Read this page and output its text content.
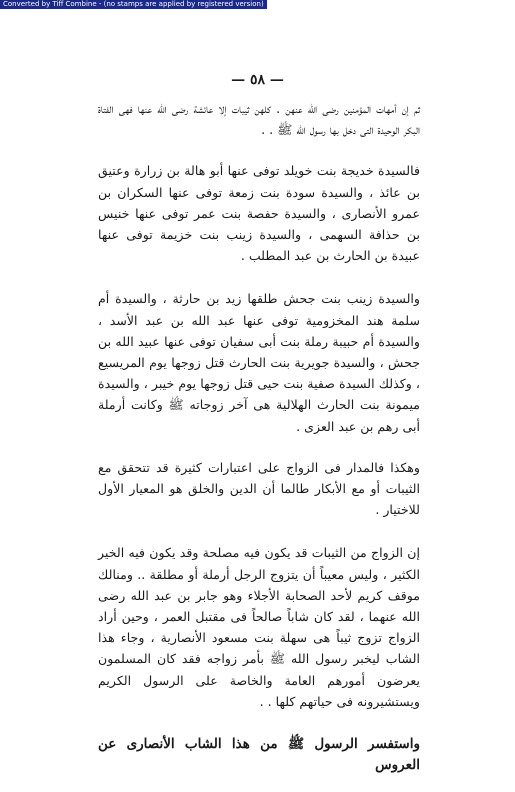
Converted by Tiff Combine - (no stamps are applied by registered version)
— ٥٨ —

ثم إن أمهات المؤمنين رضى الله عنهن . كلهن ثيبات إلا عائشة رضى الله عنها فهى الفتاة البكر الوحيدة التى دخل بها رسول الله ﷺ . .

فالسيدة خديجة بنت خويلد توفى عنها أبو هالة بن زرارة وعتيق بن عائذ ، والسيدة سودة بنت زمعة توفى عنها السكران بن عمرو الأنصارى ، والسيدة حفصة بنت عمر توفى عنها خنيس بن حذافة السهمى ، والسيدة زينب بنت خزيمة توفى عنها عبيدة بن الحارث بن عبد المطلب .

والسيدة زينب بنت جحش طلقها زيد بن حارثة ، والسيدة أم سلمة هند المخزومية توفى عنها عبد الله بن عبد الأسد ، والسيدة أم حبيبة رملة بنت أبى سفيان توفى عنها عبيد الله بن جحش ، والسيدة جويرية بنت الحارث قتل زوجها يوم المريسيع ، وكذلك السيدة صفية بنت حيى قتل زوجها يوم خيبر ، والسيدة ميمونة بنت الحارث الهلالية هى آخر زوجاته ﷺ وكانت أرملة أبى رهم بن عبد العزى .

وهكذا فالمدار فى الزواج على اعتبارات كثيرة قد تتحقق مع الثيبات أو مع الأبكار طالما أن الدين والخلق هو المعيار الأول للاختيار .

إن الزواج من الثيبات قد يكون فيه مصلحة وقد يكون فيه الخير الكثير ، وليس معيباً أن يتزوج الرجل أرملة أو مطلقة .. ومنالك موقف كريم لأحد الصحابة الأجلاء وهو جابر بن عبد الله رضى الله عنهما ، لقد كان شاباً صالحاً فى مقتبل العمر ، وحين أراد الزواج تزوج ثيباً هى سهلة بنت مسعود الأنصارية ، وجاء هذا الشاب ليخبر رسول الله ﷺ بأمر زواجه فقد كان المسلمون يعرضون أمورهم العامة والخاصة على الرسول الكريم ويستشيرونه فى حياتهم كلها . .

واستفسر الرسول ﷺ من هذا الشاب الأنصارى عن العروس
